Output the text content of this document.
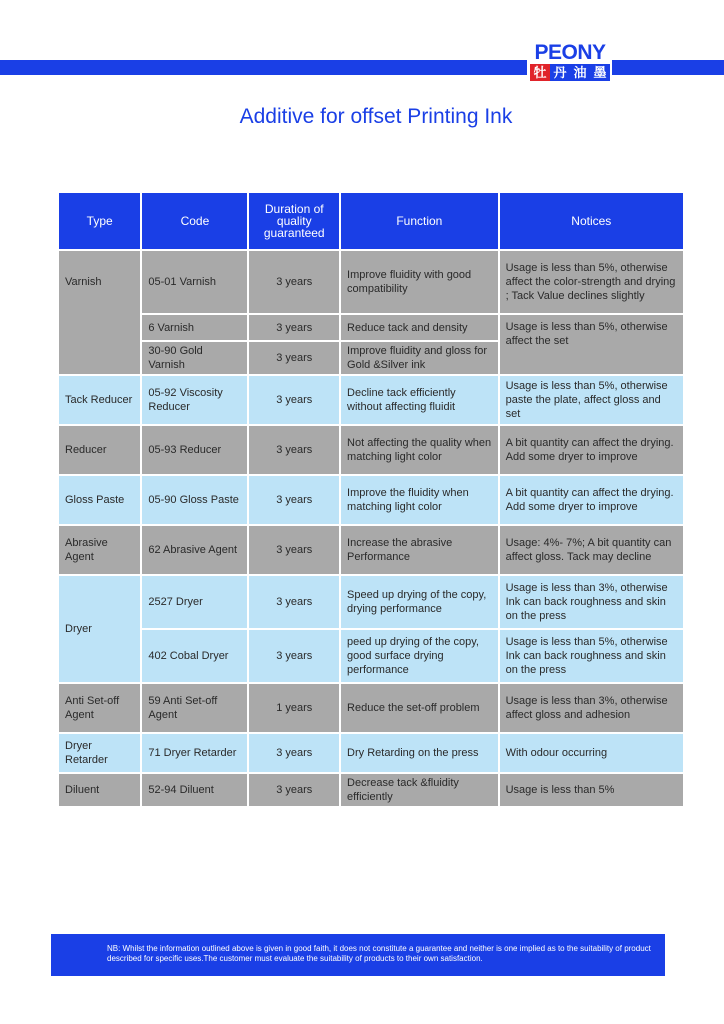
PEONY
牡 丹 油 墨
Additive for offset Printing Ink
Type	Code	Duration of quality guaranteed	Function	Notices
Varnish	05-01 Varnish	3 years	Improve fluidity with good compatibility	Usage is less than 5%, otherwise affect the color-strength and drying ; Tack Value declines slightly
	6 Varnish	3 years	Reduce tack and density	Usage is less than 5%, otherwise affect the set
	30-90 Gold Varnish	3 years	Improve fluidity and gloss for Gold &Silver ink	
Tack Reducer	05-92 Viscosity Reducer	3 years	Decline tack efficiently without affecting fluidit	Usage is less than 5%, otherwise paste the plate, affect gloss and set
Reducer	05-93 Reducer	3 years	Not affecting the quality when matching light color	A bit quantity can affect the drying. Add some dryer to improve
Gloss Paste	05-90 Gloss Paste	3 years	Improve the fluidity when matching light color	A bit quantity can affect the drying. Add some dryer to improve
Abrasive Agent	62 Abrasive Agent	3 years	Increase the abrasive Performance	Usage: 4%- 7%; A bit quantity can affect gloss. Tack may decline
Dryer	2527 Dryer	3 years	Speed up drying of the copy, drying performance	Usage is less than 3%, otherwise Ink can back roughness and skin on the press
	402 Cobal Dryer	3 years	peed up drying of the copy, good surface drying performance	Usage is less than 5%, otherwise Ink can back roughness and skin on the press
Anti Set-off Agent	59 Anti Set-off Agent	1 years	Reduce the set-off problem	Usage is less than 3%, otherwise affect gloss and adhesion
Dryer Retarder	71 Dryer Retarder	3 years	Dry Retarding on the press	With odour occurring
Diluent	52-94 Diluent	3 years	Decrease tack &fluidity efficiently	Usage is less than 5%
NB: Whilst the information outlined above is given in good faith, it does not constitute a guarantee and neither is one implied as to the suitability of product described for specific uses.The customer must evaluate the suitability of products to their own satisfaction.
